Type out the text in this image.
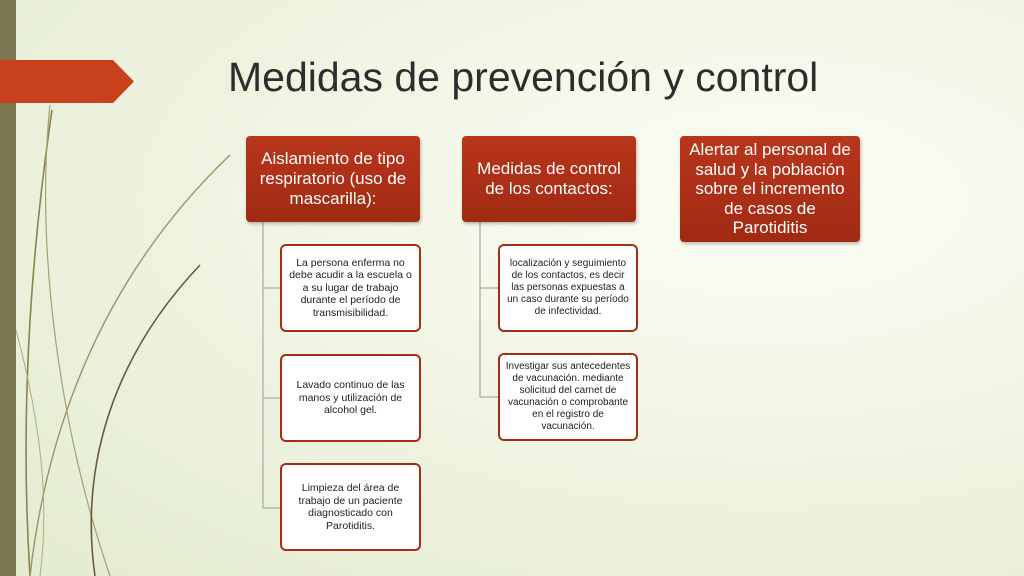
Medidas de prevención y control
Aislamiento de tipo respiratorio (uso de mascarilla):
Medidas de control de los contactos:
Alertar al personal de salud y la población sobre el incremento de casos de Parotiditis
La persona enferma no debe acudir a la escuela o a su lugar de trabajo durante el período de transmisibilidad.
Lavado continuo de las manos y utilización de alcohol gel.
Limpieza del área de trabajo de un paciente diagnosticado con Parotiditis.
localización y seguimiento de los contactos, es decir las personas expuestas a un caso durante su período de infectividad.
Investigar sus antecedentes de vacunación. mediante solicitud del carnet de vacunación o comprobante en el registro de vacunación.
